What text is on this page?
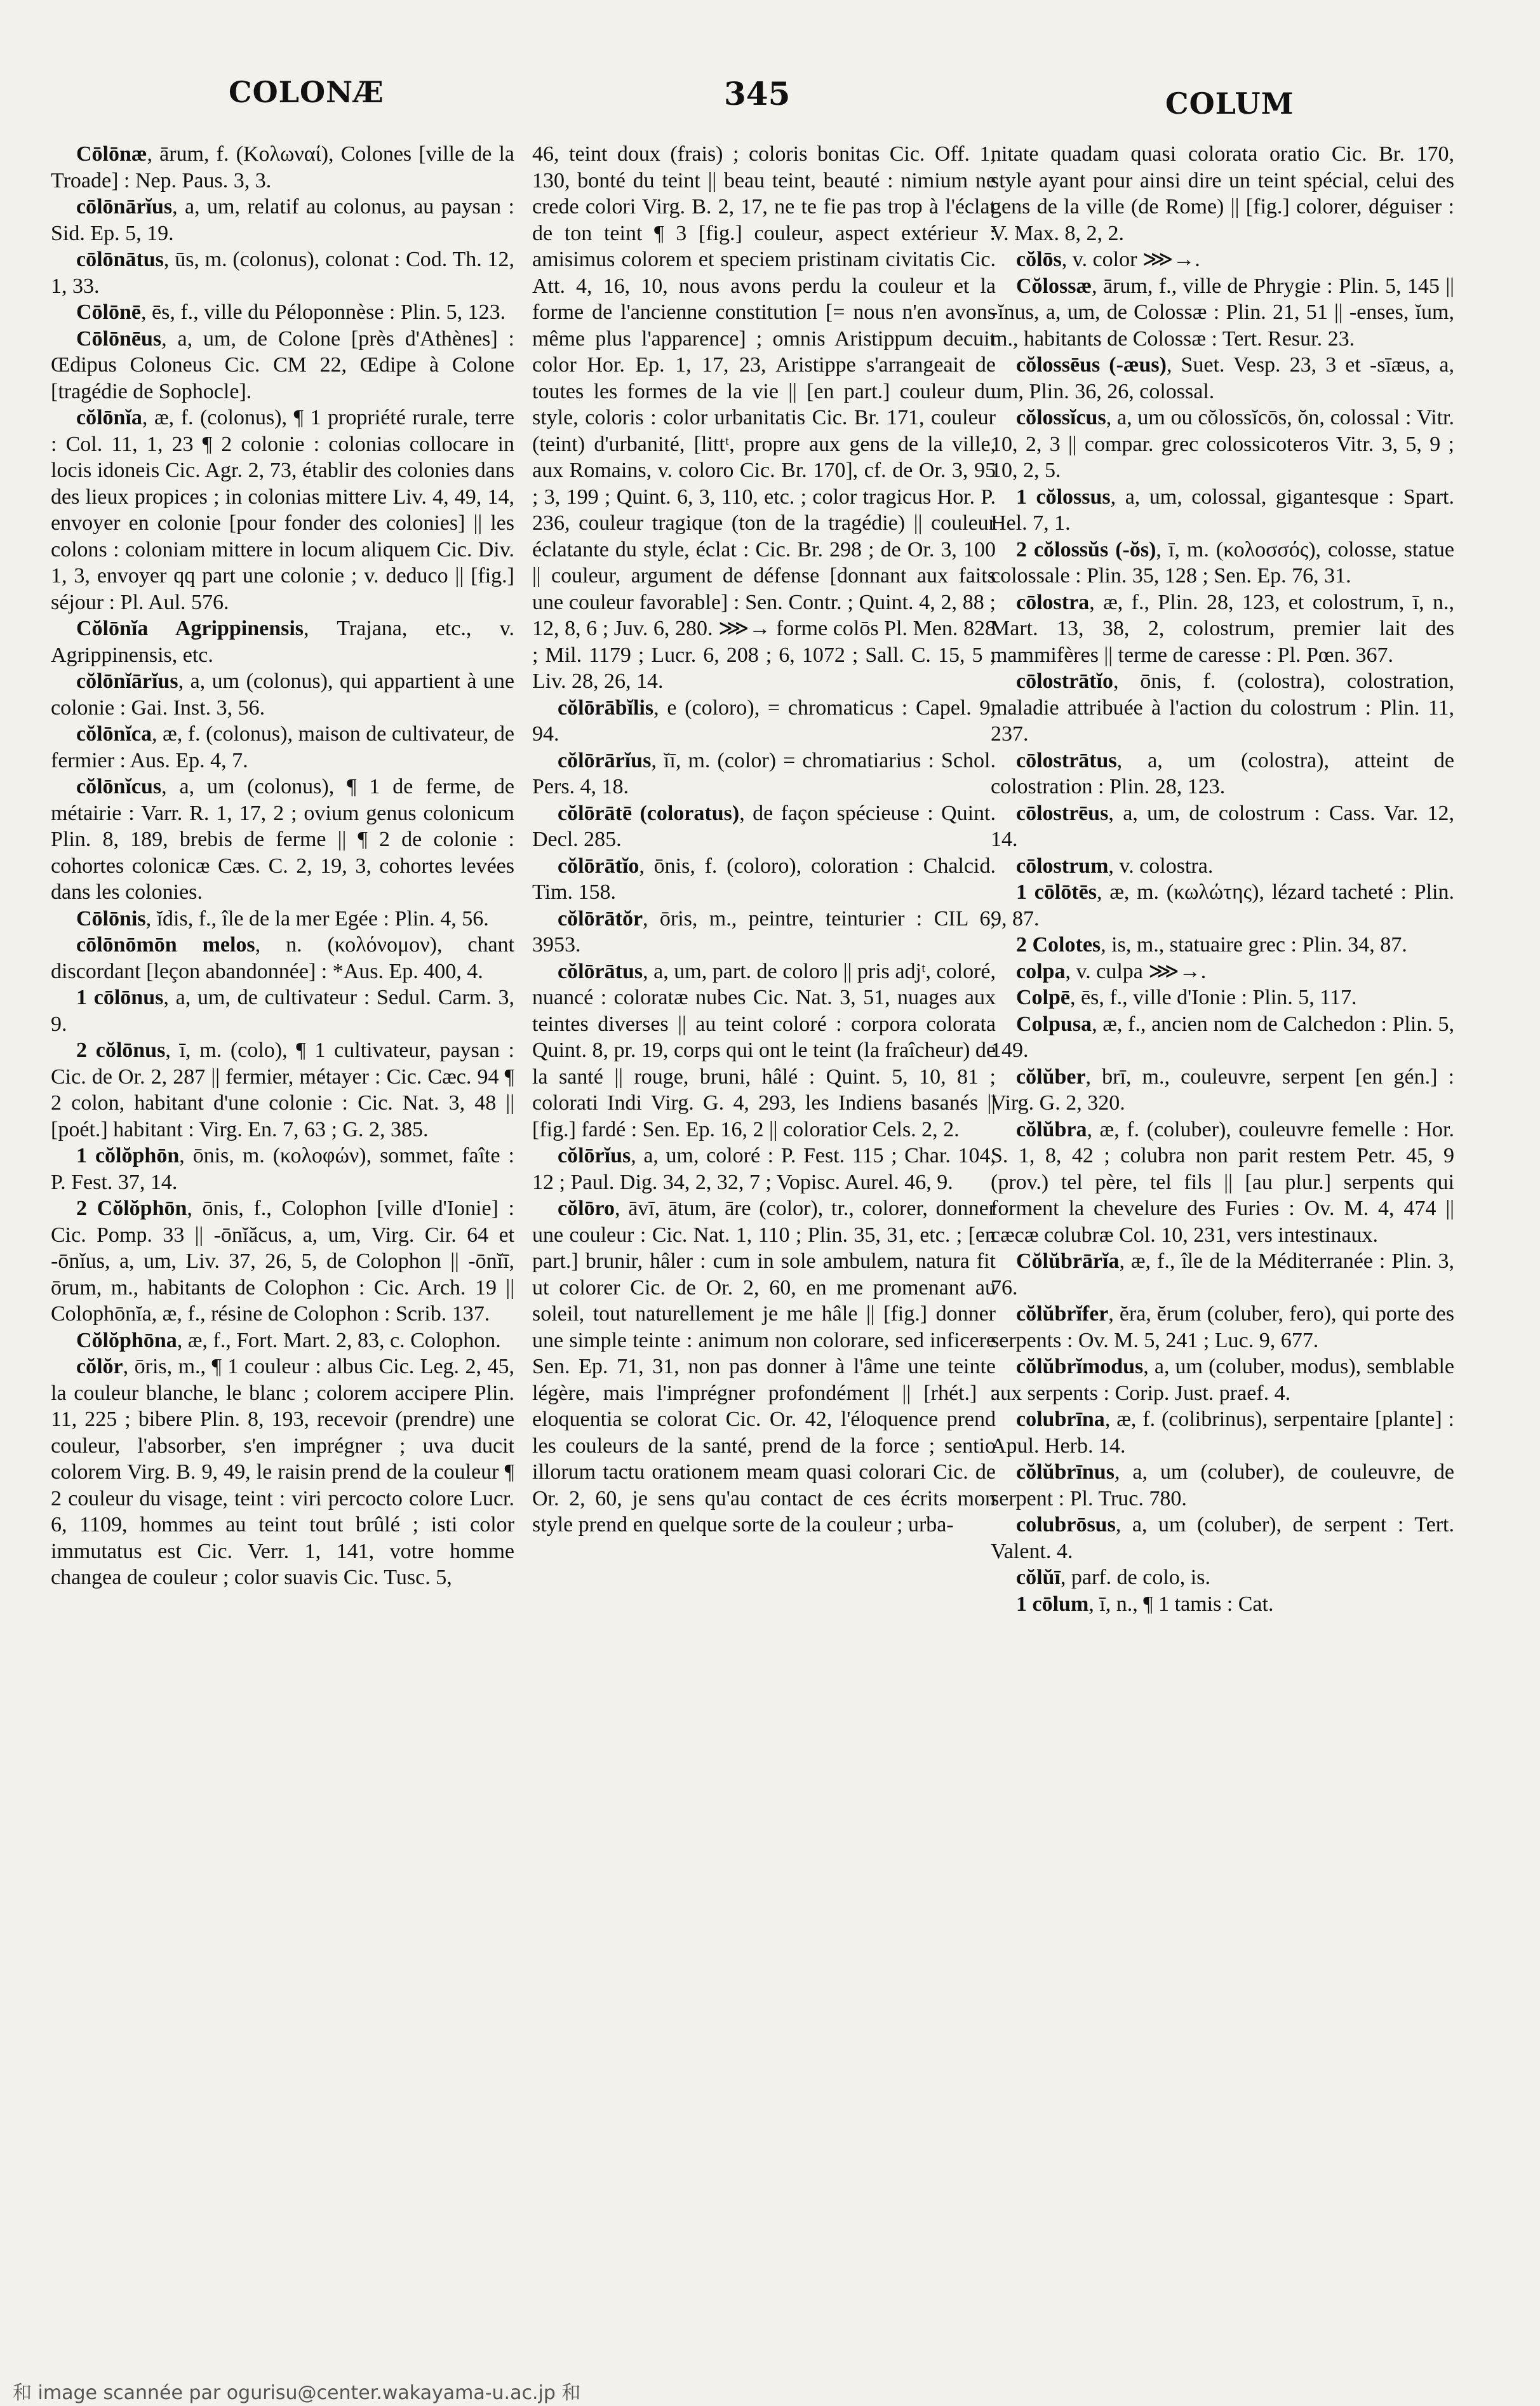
COLONÆ	345	COLUM

Cōlōnæ, ārum, f. (Κολωναί), Colones [ville de la Troade] : Nep. Paus. 3, 3.

cōlōnārĭus, a, um, relatif au colonus, au paysan : Sid. Ep. 5, 19.

cōlōnātus, ūs, m. (colonus), colonat : Cod. Th. 12, 1, 33.

Cōlōnē, ēs, f., ville du Péloponnèse : Plin. 5, 123.

Cōlōnēus, a, um, de Colone [près d'Athènes] : Œdipus Coloneus Cic. CM 22, Œdipe à Colone [tragédie de Sophocle].

cŏlōnĭa, æ, f. (colonus), ¶ 1 propriété rurale, terre : Col. 11, 1, 23 ¶ 2 colonie : colonias collocare in locis idoneis Cic. Agr. 2, 73, établir des colonies dans des lieux propices ; in colonias mittere Liv. 4, 49, 14, envoyer en colonie [pour fonder des colonies] || les colons : coloniam mittere in locum aliquem Cic. Div. 1, 3, envoyer qq part une colonie ; v. deduco || [fig.] séjour : Pl. Aul. 576.

Cŏlōnĭa Agrippinensis, Trajana, etc., v. Agrippinensis, etc.

cŏlōnĭārĭus, a, um (colonus), qui appartient à une colonie : Gai. Inst. 3, 56.

cŏlōnĭca, æ, f. (colonus), maison de cultivateur, de fermier : Aus. Ep. 4, 7.

cŏlōnĭcus, a, um (colonus), ¶ 1 de ferme, de métairie : Varr. R. 1, 17, 2 ; ovium genus colonicum Plin. 8, 189, brebis de ferme || ¶ 2 de colonie : cohortes colonicæ Cæs. C. 2, 19, 3, cohortes levées dans les colonies.

Cōlōnis, ĭdis, f., île de la mer Egée : Plin. 4, 56.

cōlōnōmōn melos, n. (κολόνομον), chant discordant [leçon abandonnée] : *Aus. Ep. 400, 4.

1 cōlōnus, a, um, de cultivateur : Sedul. Carm. 3, 9.

2 cŏlōnus, ī, m. (colo), ¶ 1 cultivateur, paysan : Cic. de Or. 2, 287 || fermier, métayer : Cic. Cæc. 94 ¶ 2 colon, habitant d'une colonie : Cic. Nat. 3, 48 || [poét.] habitant : Virg. En. 7, 63 ; G. 2, 385.

1 cŏlŏphōn, ōnis, m. (κολοφών), sommet, faîte : P. Fest. 37, 14.

2 Cŏlŏphōn, ōnis, f., Colophon [ville d'Ionie] : Cic. Pomp. 33 || -ōnĭăcus, a, um, Virg. Cir. 64 et -ōnĭus, a, um, Liv. 37, 26, 5, de Colophon || -ōnĭī, ōrum, m., habitants de Colophon : Cic. Arch. 19 || Colophōnĭa, æ, f., résine de Colophon : Scrib. 137.

Cŏlŏphōna, æ, f., Fort. Mart. 2, 83, c. Colophon.

cŏlŏr, ōris, m., ¶ 1 couleur : albus Cic. Leg. 2, 45, la couleur blanche, le blanc ; colorem accipere Plin. 11, 225 ; bibere Plin. 8, 193, recevoir (prendre) une couleur, l'absorber, s'en imprégner ; uva ducit colorem Virg. B. 9, 49, le raisin prend de la couleur ¶ 2 couleur du visage, teint : viri percocto colore Lucr. 6, 1109, hommes au teint tout brûlé ; isti color immutatus est Cic. Verr. 1, 141, votre homme changea de couleur ; color suavis Cic. Tusc. 5,

46, teint doux (frais) ; coloris bonitas Cic. Off. 1, 130, bonté du teint || beau teint, beauté : nimium ne crede colori Virg. B. 2, 17, ne te fie pas trop à l'éclat de ton teint ¶ 3 [fig.] couleur, aspect extérieur : amisimus colorem et speciem pristinam civitatis Cic. Att. 4, 16, 10, nous avons perdu la couleur et la forme de l'ancienne constitution [= nous n'en avons même plus l'apparence] ; omnis Aristippum decuit color Hor. Ep. 1, 17, 23, Aristippe s'arrangeait de toutes les formes de la vie || [en part.] couleur du style, coloris : color urbanitatis Cic. Br. 171, couleur (teint) d'urbanité, [littᵗ, propre aux gens de la ville, aux Romains, v. coloro Cic. Br. 170], cf. de Or. 3, 95 ; 3, 199 ; Quint. 6, 3, 110, etc. ; color tragicus Hor. P. 236, couleur tragique (ton de la tragédie) || couleur éclatante du style, éclat : Cic. Br. 298 ; de Or. 3, 100 || couleur, argument de défense [donnant aux faits une couleur favorable] : Sen. Contr. ; Quint. 4, 2, 88 ; 12, 8, 6 ; Juv. 6, 280. ⋙→ forme colōs Pl. Men. 828 ; Mil. 1179 ; Lucr. 6, 208 ; 6, 1072 ; Sall. C. 15, 5 ; Liv. 28, 26, 14.

cŏlōrābĭlis, e (coloro), = chromaticus : Capel. 9, 94.

cŏlōrārĭus, ĭī, m. (color) = chromatiarius : Schol. Pers. 4, 18.

cŏlōrātē (coloratus), de façon spécieuse : Quint. Decl. 285.

cŏlōrātĭo, ōnis, f. (coloro), coloration : Chalcid. Tim. 158.

cŏlōrātŏr, ōris, m., peintre, teinturier : CIL 6, 3953.

cŏlōrātus, a, um, part. de coloro || pris adjᵗ, coloré, nuancé : coloratæ nubes Cic. Nat. 3, 51, nuages aux teintes diverses || au teint coloré : corpora colorata Quint. 8, pr. 19, corps qui ont le teint (la fraîcheur) de la santé || rouge, bruni, hâlé : Quint. 5, 10, 81 ; colorati Indi Virg. G. 4, 293, les Indiens basanés || [fig.] fardé : Sen. Ep. 16, 2 || coloratior Cels. 2, 2.

cŏlōrĭus, a, um, coloré : P. Fest. 115 ; Char. 104, 12 ; Paul. Dig. 34, 2, 32, 7 ; Vopisc. Aurel. 46, 9.

cŏlōro, āvī, ātum, āre (color), tr., colorer, donner une couleur : Cic. Nat. 1, 110 ; Plin. 35, 31, etc. ; [en part.] brunir, hâler : cum in sole ambulem, natura fit ut colorer Cic. de Or. 2, 60, en me promenant au soleil, tout naturellement je me hâle || [fig.] donner une simple teinte : animum non colorare, sed inficere Sen. Ep. 71, 31, non pas donner à l'âme une teinte légère, mais l'imprégner profondément || [rhét.] : eloquentia se colorat Cic. Or. 42, l'éloquence prend les couleurs de la santé, prend de la force ; sentio illorum tactu orationem meam quasi colorari Cic. de Or. 2, 60, je sens qu'au contact de ces écrits mon style prend en quelque sorte de la couleur ; urba-

nitate quadam quasi colorata oratio Cic. Br. 170, style ayant pour ainsi dire un teint spécial, celui des gens de la ville (de Rome) || [fig.] colorer, déguiser : V. Max. 8, 2, 2.

cŏlōs, v. color ⋙→.

Cŏlossæ, ārum, f., ville de Phrygie : Plin. 5, 145 || -ĭnus, a, um, de Colossæ : Plin. 21, 51 || -enses, ĭum, m., habitants de Colossæ : Tert. Resur. 23.

cŏlossēus (-æus), Suet. Vesp. 23, 3 et -sīæus, a, um, Plin. 36, 26, colossal.

cŏlossĭcus, a, um ou cŏlossĭcōs, ŏn, colossal : Vitr. 10, 2, 3 || compar. grec colossicoteros Vitr. 3, 5, 9 ; 10, 2, 5.

1 cŏlossus, a, um, colossal, gigantesque : Spart. Hel. 7, 1.

2 cŏlossŭs (-ŏs), ī, m. (κολοσσός), colosse, statue colossale : Plin. 35, 128 ; Sen. Ep. 76, 31.

cōlostra, æ, f., Plin. 28, 123, et colostrum, ī, n., Mart. 13, 38, 2, colostrum, premier lait des mammifères || terme de caresse : Pl. Pœn. 367.

cōlostrātĭo, ōnis, f. (colostra), colostration, maladie attribuée à l'action du colostrum : Plin. 11, 237.

cōlostrātus, a, um (colostra), atteint de colostration : Plin. 28, 123.

cōlostrēus, a, um, de colostrum : Cass. Var. 12, 14.

cōlostrum, v. colostra.

1 cōlōtēs, æ, m. (κωλώτης), lézard tacheté : Plin. 9, 87.

2 Colotes, is, m., statuaire grec : Plin. 34, 87.

colpa, v. culpa ⋙→.

Colpē, ēs, f., ville d'Ionie : Plin. 5, 117.

Colpusa, æ, f., ancien nom de Calchedon : Plin. 5, 149.

cŏlŭber, brī, m., couleuvre, serpent [en gén.] : Virg. G. 2, 320.

cŏlŭbra, æ, f. (coluber), couleuvre femelle : Hor. S. 1, 8, 42 ; colubra non parit restem Petr. 45, 9 (prov.) tel père, tel fils || [au plur.] serpents qui forment la chevelure des Furies : Ov. M. 4, 474 || cæcæ colubræ Col. 10, 231, vers intestinaux.

Cŏlŭbrārĭa, æ, f., île de la Méditerranée : Plin. 3, 76.

cŏlŭbrĭfer, ĕra, ĕrum (coluber, fero), qui porte des serpents : Ov. M. 5, 241 ; Luc. 9, 677.

cŏlŭbrĭmodus, a, um (coluber, modus), semblable aux serpents : Corip. Just. praef. 4.

colubrīna, æ, f. (colibrinus), serpentaire [plante] : Apul. Herb. 14.

cŏlŭbrīnus, a, um (coluber), de couleuvre, de serpent : Pl. Truc. 780.

colubrōsus, a, um (coluber), de serpent : Tert. Valent. 4.

cŏlŭī, parf. de colo, is.

1 cōlum, ī, n., ¶ 1 tamis : Cat.

和 image scannée par ogurisu@center.wakayama-u.ac.jp 和
